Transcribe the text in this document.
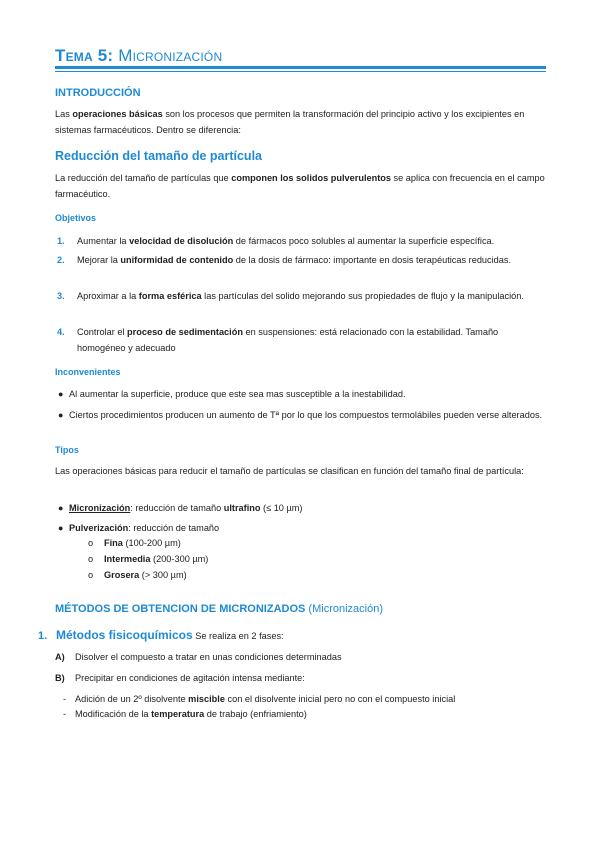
Tema 5: Micronización
INTRODUCCIÓN
Las operaciones básicas son los procesos que permiten la transformación del principio activo y los excipientes en sistemas farmacéuticos. Dentro se diferencia:
Reducción del tamaño de partícula
La reducción del tamaño de partículas que componen los solidos pulverulentos se aplica con frecuencia en el campo farmacéutico.
Objetivos
1. Aumentar la velocidad de disolución de fármacos poco solubles al aumentar la superficie específica.
2. Mejorar la uniformidad de contenido de la dosis de fármaco: importante en dosis terapéuticas reducidas.
3. Aproximar a la forma esférica las partículas del solido mejorando sus propiedades de flujo y la manipulación.
4. Controlar el proceso de sedimentación en suspensiones: está relacionado con la estabilidad. Tamaño homogéneo y adecuado
Inconvenientes
● Al aumentar la superficie, produce que este sea mas susceptible a la inestabilidad.
● Ciertos procedimientos producen un aumento de Tª por lo que los compuestos termolábiles pueden verse alterados.
Tipos
Las operaciones básicas para reducir el tamaño de partículas se clasifican en función del tamaño final de partícula:
● Micronización: reducción de tamaño ultrafino (≤ 10 µm)
● Pulverización: reducción de tamaño
o Fina (100-200 µm)
o Intermedia (200-300 µm)
o Grosera (> 300 µm)
MÉTODOS DE OBTENCION DE MICRONIZADOS (Micronización)
1. Métodos fisicoquímicos Se realiza en 2 fases:
A) Disolver el compuesto a tratar en unas condiciones determinadas
B) Precipitar en condiciones de agitación intensa mediante:
- Adición de un 2º disolvente miscible con el disolvente inicial pero no con el compuesto inicial
- Modificación de la temperatura de trabajo (enfriamiento)
